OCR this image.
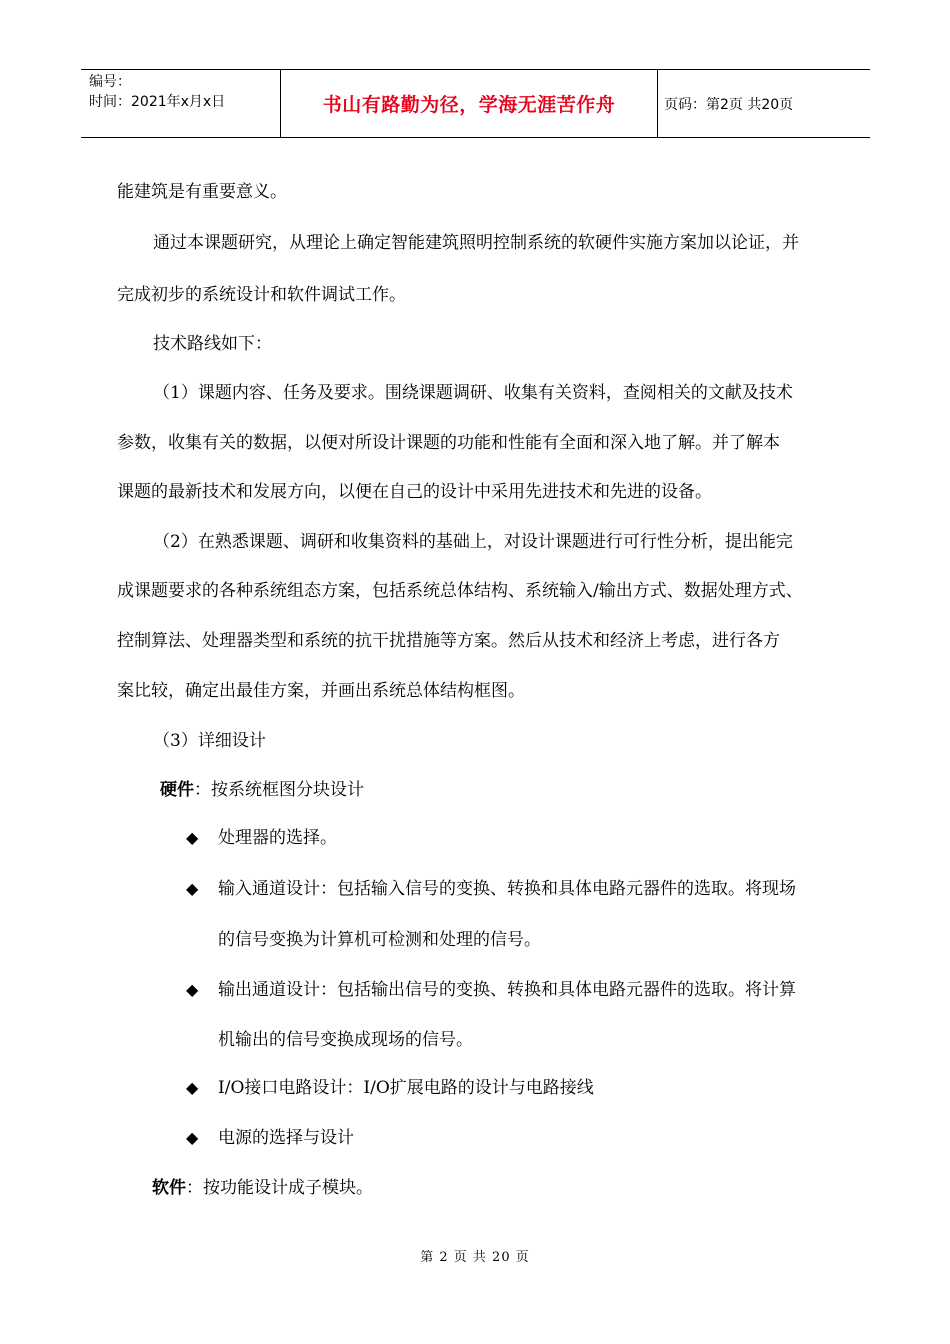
编号：
时间：2021年x月x日	书山有路勤为径，学海无涯苦作舟	页码：第2页 共20页
能建筑是有重要意义。
通过本课题研究，从理论上确定智能建筑照明控制系统的软硬件实施方案加以论证，并
完成初步的系统设计和软件调试工作。
技术路线如下：
（1）课题内容、任务及要求。围绕课题调研、收集有关资料，查阅相关的文献及技术
参数，收集有关的数据，以便对所设计课题的功能和性能有全面和深入地了解。并了解本
课题的最新技术和发展方向，以便在自己的设计中采用先进技术和先进的设备。
（2）在熟悉课题、调研和收集资料的基础上，对设计课题进行可行性分析，提出能完
成课题要求的各种系统组态方案，包括系统总体结构、系统输入/输出方式、数据处理方式、
控制算法、处理器类型和系统的抗干扰措施等方案。然后从技术和经济上考虑，进行各方
案比较，确定出最佳方案，并画出系统总体结构框图。
（3）详细设计
硬件：按系统框图分块设计
◆ 处理器的选择。
◆ 输入通道设计：包括输入信号的变换、转换和具体电路元器件的选取。将现场
的信号变换为计算机可检测和处理的信号。
◆ 输出通道设计：包括输出信号的变换、转换和具体电路元器件的选取。将计算
机输出的信号变换成现场的信号。
◆ I/O接口电路设计：I/O扩展电路的设计与电路接线
◆ 电源的选择与设计
软件：按功能设计成子模块。
第 2 页 共 20 页
